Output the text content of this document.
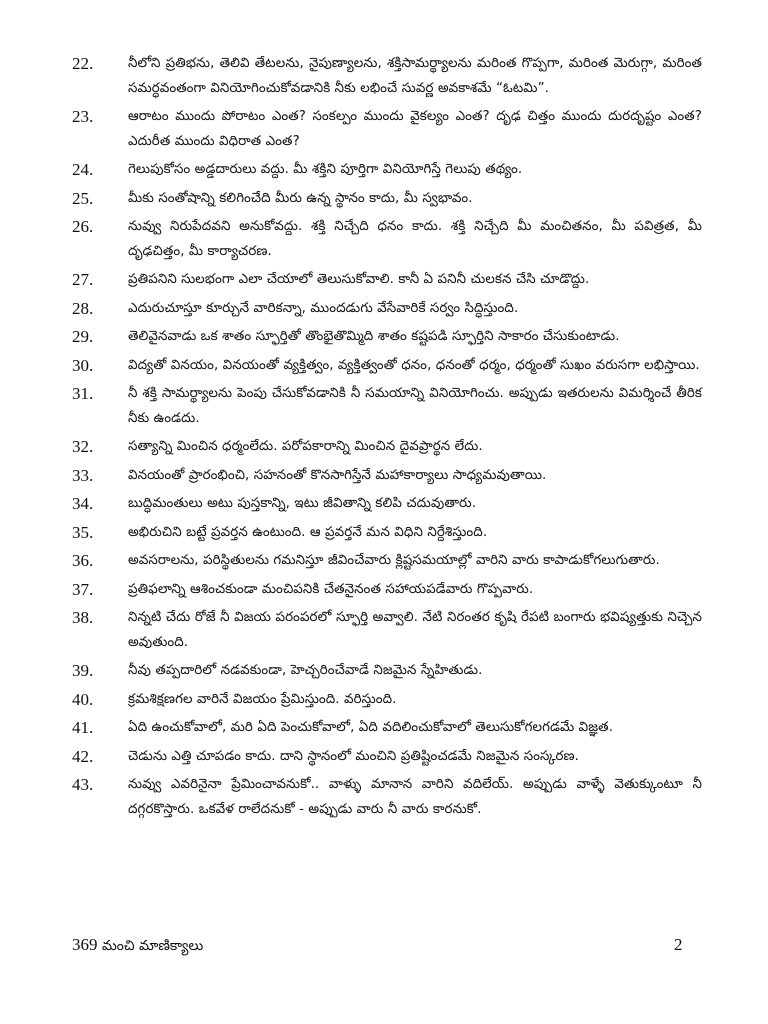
22.	నీలోని ప్రతిభను, తెలివి తేటలను, నైపుణ్యాలను, శక్తిసామర్థ్యాలను మరింత గొప్పగా, మరింత మెరుగ్గా, మరింత సమర్ధవంతంగా వినియోగించుకోవడానికి నీకు లభించే సువర్ణ అవకాశమే “ఓటమి”.
23.	ఆరాటం ముందు పోరాటం ఎంత? సంకల్పం ముందు వైకల్యం ఎంత? దృఢ చిత్తం ముందు దురదృష్టం ఎంత? ఎదురీత ముందు విధిరాత ఎంత?
24.	గెలుపుకోసం అడ్డదారులు వద్దు. మీ శక్తిని పూర్తిగా వినియోగిస్తే గెలుపు తథ్యం.
25.	మీకు సంతోషాన్ని కలిగించేది మీరు ఉన్న స్థానం కాదు, మీ స్వభావం.
26.	నువ్వు నిరుపేదవని అనుకోవద్దు. శక్తి నిచ్చేది ధనం కాదు. శక్తి నిచ్చేది మీ మంచితనం, మీ పవిత్రత, మీ దృఢచిత్తం, మీ కార్యాచరణ.
27.	ప్రతిపనిని సులభంగా ఎలా చేయాలో తెలుసుకోవాలి. కానీ ఏ పనినీ చులకన చేసి చూడొద్దు.
28.	ఎదురుచూస్తూ కూర్చునే వారికన్నా, ముందడుగు వేసేవారికే సర్వం సిద్ధిస్తుంది.
29.	తెలివైనవాడు ఒక శాతం స్ఫూర్తితో తొంభైతొమ్మిది శాతం కష్టపడి స్ఫూర్తిని సాకారం చేసుకుంటాడు.
30.	విద్యతో వినయం, వినయంతో వ్యక్తిత్వం, వ్యక్తిత్వంతో ధనం, ధనంతో ధర్మం, ధర్మంతో సుఖం వరుసగా లభిస్తాయి.
31.	నీ శక్తి సామర్థ్యాలను పెంపు చేసుకోవడానికి నీ సమయాన్ని వినియోగించు. అప్పుడు ఇతరులను విమర్శించే తీరిక నీకు ఉండదు.
32.	సత్యాన్ని మించిన ధర్మంలేదు. పరోపకారాన్ని మించిన దైవప్రార్థన లేదు.
33.	వినయంతో ప్రారంభించి, సహనంతో కొనసాగిస్తేనే మహాకార్యాలు సాధ్యమవుతాయి.
34.	బుద్ధిమంతులు అటు పుస్తకాన్ని, ఇటు జీవితాన్ని కలిపి చదువుతారు.
35.	అభిరుచిని బట్టే ప్రవర్తన ఉంటుంది. ఆ ప్రవర్తనే మన విధిని నిర్దేశిస్తుంది.
36.	అవసరాలను, పరిస్థితులను గమనిస్తూ జీవించేవారు క్లిష్టసమయాల్లో వారిని వారు కాపాడుకోగలుగుతారు.
37.	ప్రతిఫలాన్ని ఆశించకుండా మంచిపనికి చేతనైనంత సహాయపడేవారు గొప్పవారు.
38.	నిన్నటి చేదు రోజే నీ విజయ పరంపరలో స్ఫూర్తి అవ్వాలి. నేటి నిరంతర కృషి రేపటి బంగారు భవిష్యత్తుకు నిచ్చెన అవుతుంది.
39.	నీవు తప్పదారిలో నడవకుండా, హెచ్చరించేవాడే నిజమైన స్నేహితుడు.
40.	క్రమశిక్షణగల వారినే విజయం ప్రేమిస్తుంది. వరిస్తుంది.
41.	ఏది ఉంచుకోవాలో, మరి ఏది పెంచుకోవాలో, ఏది వదిలించుకోవాలో తెలుసుకోగలగడమే విజ్ఞత.
42.	చెడును ఎత్తి చూపడం కాదు. దాని స్థానంలో మంచిని ప్రతిష్టించడమే నిజమైన సంస్కరణ.
43.	నువ్వు ఎవరినైనా ప్రేమించావనుకో.. వాళ్ళు మానాన వారిని వదిలేయ్. అప్పుడు వాళ్ళే వెతుక్కుంటూ నీ దగ్గరకొస్తారు. ఒకవేళ రాలేదనుకో - అప్పుడు వారు నీ వారు కారనుకో.
369 మంచి మాణిక్యాలు	2
